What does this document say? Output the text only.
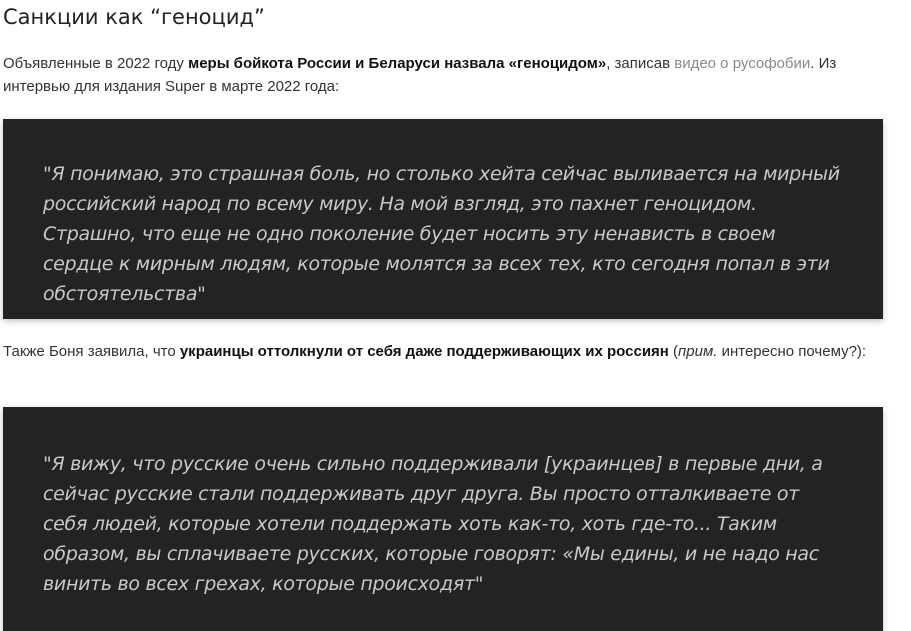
Санкции как “геноцид”

Объявленные в 2022 году меры бойкота России и Беларуси назвала «геноцидом», записав видео о русофобии. Из интервью для издания Super в марте 2022 года:

"Я понимаю, это страшная боль, но столько хейта сейчас выливается на мирный российский народ по всему миру. На мой взгляд, это пахнет геноцидом. Страшно, что еще не одно поколение будет носить эту ненависть в своем сердце к мирным людям, которые молятся за всех тех, кто сегодня попал в эти обстоятельства"

Также Боня заявила, что украинцы оттолкнули от себя даже поддерживающих их россиян (прим. интересно почему?):

"Я вижу, что русские очень сильно поддерживали [украинцев] в первые дни, а сейчас русские стали поддерживать друг друга. Вы просто отталкиваете от себя людей, которые хотели поддержать хоть как-то, хоть где-то... Таким образом, вы сплачиваете русских, которые говорят: «Мы едины, и не надо нас винить во всех грехах, которые происходят"
